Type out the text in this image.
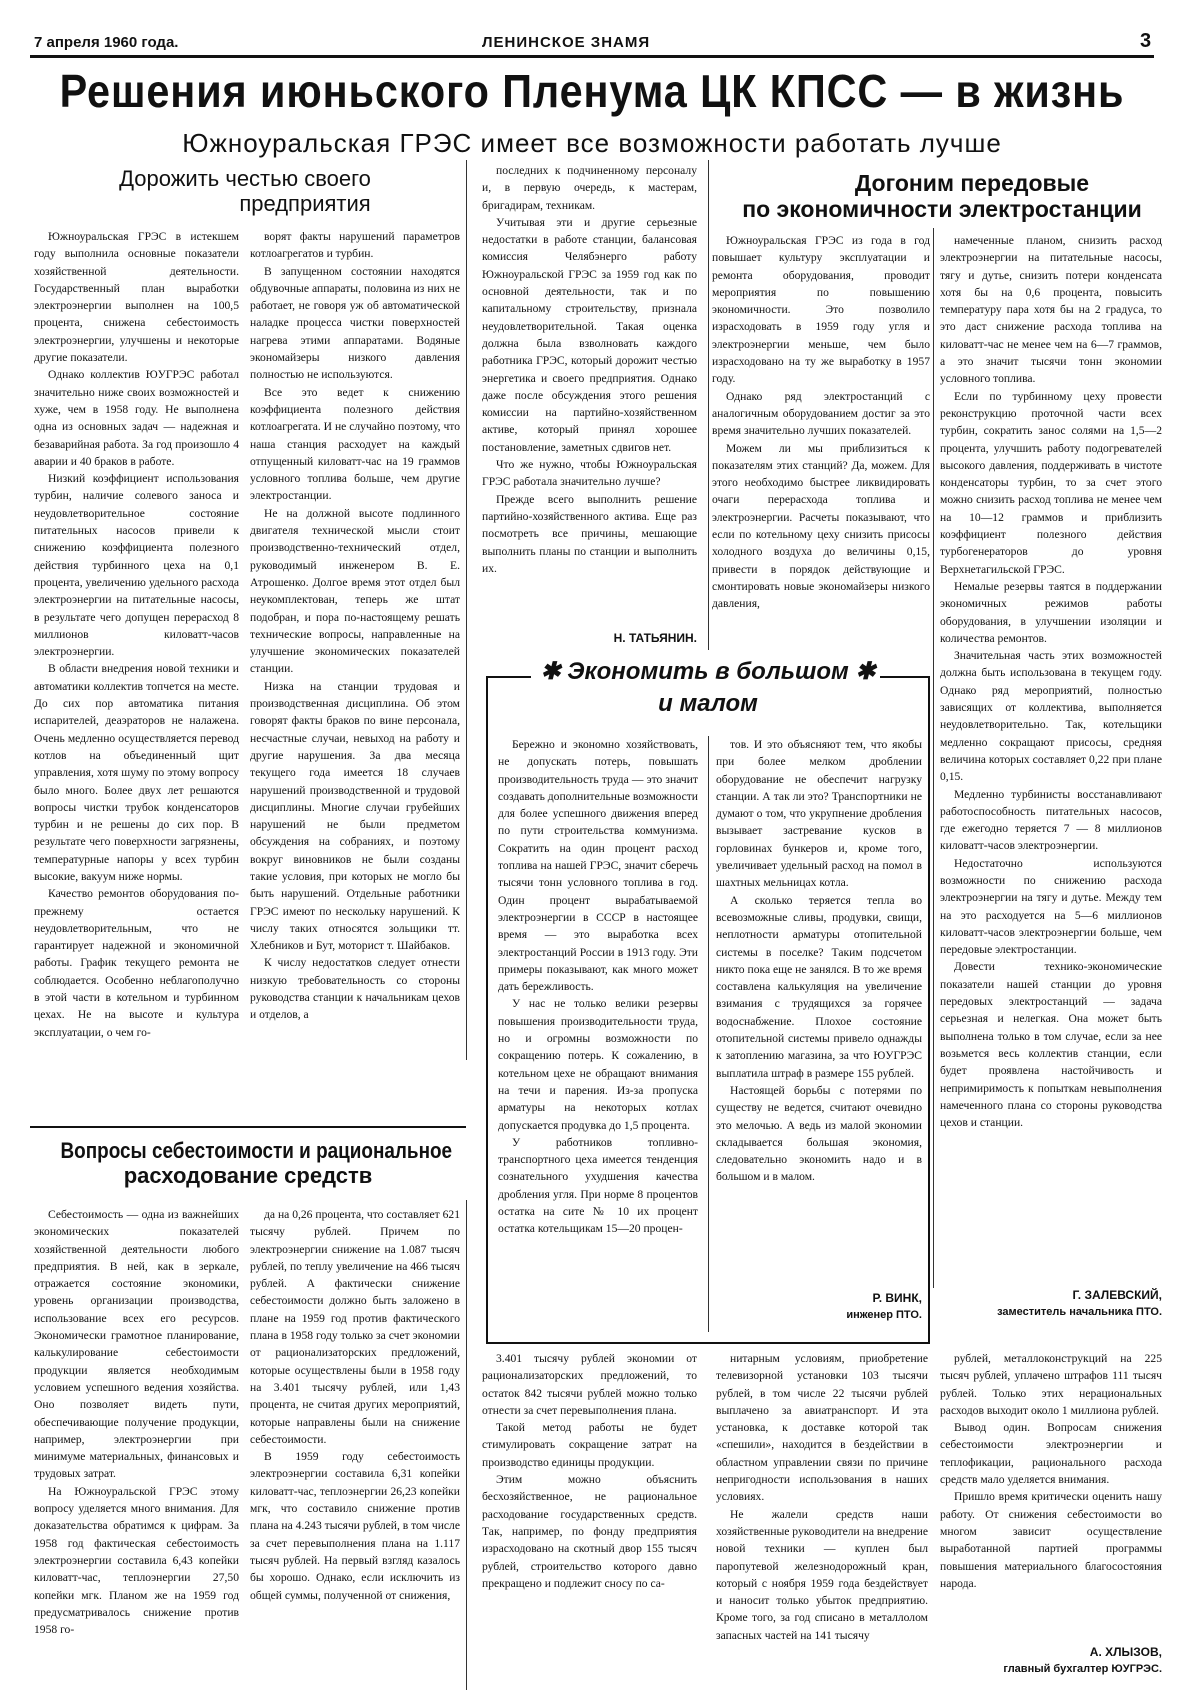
7 апреля 1960 года.	ЛЕНИНСКОЕ ЗНАМЯ	3
Решения июньского Пленума ЦК КПСС — в жизнь
Южноуральская ГРЭС имеет все возможности работать лучше
Дорожить честью своего
предприятия

Южноуральская ГРЭС в истекшем году выполнила основные показатели хозяйственной деятельности. Государственный план выработки электроэнергии выполнен на 100,5 процента, снижена себестоимость электроэнергии, улучшены и некоторые другие показатели.

Однако коллектив ЮУГРЭС работал значительно ниже своих возможностей и хуже, чем в 1958 году. Не выполнена одна из основных задач — надежная и безаварийная работа. За год произошло 4 аварии и 40 браков в работе.

Низкий коэффициент использования турбин, наличие солевого заноса и неудовлетворительное состояние питательных насосов привели к снижению коэффициента полезного действия турбинного цеха на 0,1 процента, увеличению удельного расхода электроэнергии на питательные насосы, в результате чего допущен перерасход 8 миллионов киловатт-часов электроэнергии.

В области внедрения новой техники и автоматики коллектив топчется на месте. До сих пор автоматика питания испарителей, деаэраторов не налажена. Очень медленно осуществляется перевод котлов на объединенный щит управления, хотя шуму по этому вопросу было много. Более двух лет решаются вопросы чистки трубок конденсаторов турбин и не решены до сих пор. В результате чего поверхности загрязнены, температурные напоры у всех турбин высокие, вакуум ниже нормы.

Качество ремонтов оборудования по-прежнему остается неудовлетворительным, что не гарантирует надежной и экономичной работы. График текущего ремонта не соблюдается. Особенно неблагополучно в этой части в котельном и турбинном цехах. Не на высоте и культура эксплуатации, о чем го-

ворят факты нарушений параметров котлоагрегатов и турбин.

В запущенном состоянии находятся обдувочные аппараты, половина из них не работает, не говоря уж об автоматической наладке процесса чистки поверхностей нагрева этими аппаратами. Водяные экономайзеры низкого давления полностью не используются.

Все это ведет к снижению коэффициента полезного действия котлоагрегата. И не случайно поэтому, что наша станция расходует на каждый отпущенный киловатт-час на 19 граммов условного топлива больше, чем другие электростанции.

Не на должной высоте подлинного двигателя технической мысли стоит производственно-технический отдел, руководимый инженером В. Е. Атрошенко. Долгое время этот отдел был неукомплектован, теперь же штат подобран, и пора по-настоящему решать технические вопросы, направленные на улучшение экономических показателей станции.

Низка на станции трудовая и производственная дисциплина. Об этом говорят факты браков по вине персонала, несчастные случаи, невыход на работу и другие нарушения. За два месяца текущего года имеется 18 случаев нарушений производственной и трудовой дисциплины. Многие случаи грубейших нарушений не были предметом обсуждения на собраниях, и поэтому вокруг виновников не были созданы такие условия, при которых не могло бы быть нарушений. Отдельные работники ГРЭС имеют по нескольку нарушений. К числу таких относятся зольщики тт. Хлебников и Бут, моторист т. Шайбаков.

К числу недостатков следует отнести низкую требовательность со стороны руководства станции к начальникам цехов и отделов, а

последних к подчиненному персоналу и, в первую очередь, к мастерам, бригадирам, техникам.

Учитывая эти и другие серьезные недостатки в работе станции, балансовая комиссия Челябэнерго работу Южноуральской ГРЭС за 1959 год как по основной деятельности, так и по капитальному строительству, признала неудовлетворительной. Такая оценка должна была взволновать каждого работника ГРЭС, который дорожит честью энергетика и своего предприятия. Однако даже после обсуждения этого решения комиссии на партийно-хозяйственном активе, который принял хорошее постановление, заметных сдвигов нет.

Что же нужно, чтобы Южноуральская ГРЭС работала значительно лучше?

Прежде всего выполнить решение партийно-хозяйственного актива. Еще раз посмотреть все причины, мешающие выполнить планы по станции и выполнить их.

Н. ТАТЬЯНИН.
Догоним передовые
по экономичности электростанции

Южноуральская ГРЭС из года в год повышает культуру эксплуатации и ремонта оборудования, проводит мероприятия по повышению экономичности. Это позволило израсходовать в 1959 году угля и электроэнергии меньше, чем было израсходовано на ту же выработку в 1957 году.

Однако ряд электростанций с аналогичным оборудованием достиг за это время значительно лучших показателей.

Можем ли мы приблизиться к показателям этих станций? Да, можем. Для этого необходимо быстрее ликвидировать очаги перерасхода топлива и электроэнергии. Расчеты показывают, что если по котельному цеху снизить присосы холодного воздуха до величины 0,15, привести в порядок действующие и смонтировать новые экономайзеры низкого давления,

намеченные планом, снизить расход электроэнергии на питательные насосы, тягу и дутье, снизить потери конденсата хотя бы на 0,6 процента, повысить температуру пара хотя бы на 2 градуса, то это даст снижение расхода топлива на киловатт-час не менее чем на 6—7 граммов, а это значит тысячи тонн экономии условного топлива.

Если по турбинному цеху провести реконструкцию проточной части всех турбин, сократить занос солями на 1,5—2 процента, улучшить работу подогревателей высокого давления, поддерживать в чистоте конденсаторы турбин, то за счет этого можно снизить расход топлива не менее чем на 10—12 граммов и приблизить коэффициент полезного действия турбогенераторов до уровня Верхнетагильской ГРЭС.

Немалые резервы таятся в поддержании экономичных режимов работы оборудования, в улучшении изоляции и количества ремонтов.

Значительная часть этих возможностей должна быть использована в текущем году. Однако ряд мероприятий, полностью зависящих от коллектива, выполняется неудовлетворительно. Так, котельщики медленно сокращают присосы, средняя величина которых составляет 0,22 при плане 0,15.

Медленно турбинисты восстанавливают работоспособность питательных насосов, где ежегодно теряется 7 — 8 миллионов киловатт-часов электроэнергии.

Недостаточно используются возможности по снижению расхода электроэнергии на тягу и дутье. Между тем на это расходуется на 5—6 миллионов киловатт-часов электроэнергии больше, чем передовые электростанции.

Довести технико-экономические показатели нашей станции до уровня передовых электростанций — задача серьезная и нелегкая. Она может быть выполнена только в том случае, если за нее возьмется весь коллектив станции, если будет проявлена настойчивость и непримиримость к попыткам невыполнения намеченного плана со стороны руководства цехов и станции.

Г. ЗАЛЕВСКИЙ,
заместитель начальника ПТО.
✱ Экономить в большом ✱
и малом

Бережно и экономно хозяйствовать, не допускать потерь, повышать производительность труда — это значит создавать дополнительные возможности для более успешного движения вперед по пути строительства коммунизма. Сократить на один процент расход топлива на нашей ГРЭС, значит сберечь тысячи тонн условного топлива в год. Один процент вырабатываемой электроэнергии в СССР в настоящее время — это выработка всех электростанций России в 1913 году. Эти примеры показывают, как много может дать бережливость.

У нас не только велики резервы повышения производительности труда, но и огромны возможности по сокращению потерь. К сожалению, в котельном цехе не обращают внимания на течи и парения. Из-за пропуска арматуры на некоторых котлах допускается продувка до 1,5 процента.

У работников топливно-транспортного цеха имеется тенденция сознательного ухудшения качества дробления угля. При норме 8 процентов остатка на сите № 10 их процент остатка котельщикам 15—20 процен-

тов. И это объясняют тем, что якобы при более мелком дроблении оборудование не обеспечит нагрузку станции. А так ли это? Транспортники не думают о том, что укрупнение дробления вызывает застревание кусков в горловинах бункеров и, кроме того, увеличивает удельный расход на помол в шахтных мельницах котла.

А сколько теряется тепла во всевозможные сливы, продувки, свищи, неплотности арматуры отопительной системы в поселке? Таким подсчетом никто пока еще не занялся. В то же время составлена калькуляция на увеличение взимания с трудящихся за горячее водоснабжение. Плохое состояние отопительной системы привело однажды к затоплению магазина, за что ЮУГРЭС выплатила штраф в размере 155 рублей.

Настоящей борьбы с потерями по существу не ведется, считают очевидно это мелочью. А ведь из малой экономии складывается большая экономия, следовательно экономить надо и в большом и в малом.

Р. ВИНК,
инженер ПТО.
Вопросы себестоимости и рациональное
расходование средств

Себестоимость — одна из важнейших экономических показателей хозяйственной деятельности любого предприятия. В ней, как в зеркале, отражается состояние экономики, уровень организации производства, использование всех его ресурсов. Экономически грамотное планирование, калькулирование себестоимости продукции является необходимым условием успешного ведения хозяйства. Оно позволяет видеть пути, обеспечивающие получение продукции, например, электроэнергии при минимуме материальных, финансовых и трудовых затрат.

На Южноуральской ГРЭС этому вопросу уделяется много внимания. Для доказательства обратимся к цифрам. За 1958 год фактическая себестоимость электроэнергии составила 6,43 копейки киловатт-час, теплоэнергии 27,50 копейки мгк. Планом же на 1959 год предусматривалось снижение против 1958 го-

да на 0,26 процента, что составляет 621 тысячу рублей. Причем по электроэнергии снижение на 1.087 тысяч рублей, по теплу увеличение на 466 тысяч рублей. А фактически снижение себестоимости должно быть заложено в плане на 1959 год против фактического плана в 1958 году только за счет экономии от рационализаторских предложений, которые осуществлены были в 1958 году на 3.401 тысячу рублей, или 1,43 процента, не считая других мероприятий, которые направлены были на снижение себестоимости.

В 1959 году себестоимость электроэнергии составила 6,31 копейки киловатт-час, теплоэнергии 26,23 копейки мгк, что составило снижение против плана на 4.243 тысячи рублей, в том числе за счет перевыполнения плана на 1.117 тысяч рублей. На первый взгляд казалось бы хорошо. Однако, если исключить из общей суммы, полученной от снижения,

3.401 тысячу рублей экономии от рационализаторских предложений, то остаток 842 тысячи рублей можно только отнести за счет перевыполнения плана.

Такой метод работы не будет стимулировать сокращение затрат на производство единицы продукции.

Этим можно объяснить бесхозяйственное, не рациональное расходование государственных средств. Так, например, по фонду предприятия израсходовано на скотный двор 155 тысяч рублей, строительство которого давно прекращено и подлежит сносу по са-

нитарным условиям, приобретение телевизорной установки 103 тысячи рублей, в том числе 22 тысячи рублей выплачено за авиатранспорт. И эта установка, к доставке которой так «спешили», находится в бездействии в областном управлении связи по причине непригодности использования в наших условиях.

Не жалели средств наши хозяйственные руководители на внедрение новой техники — куплен был паропутевой железнодорожный кран, который с ноября 1959 года бездействует и наносит только убыток предприятию. Кроме того, за год списано в металлолом запасных частей на 141 тысячу

рублей, металлоконструкций на 225 тысяч рублей, уплачено штрафов 111 тысяч рублей. Только этих нерациональных расходов выходит около 1 миллиона рублей.

Вывод один. Вопросам снижения себестоимости электроэнергии и теплофикации, рационального расхода средств мало уделяется внимания.

Пришло время критически оценить нашу работу. От снижения себестоимости во многом зависит осуществление выработанной партией программы повышения материального благосостояния народа.

А. ХЛЫЗОВ,
главный бухгалтер ЮУГРЭС.
